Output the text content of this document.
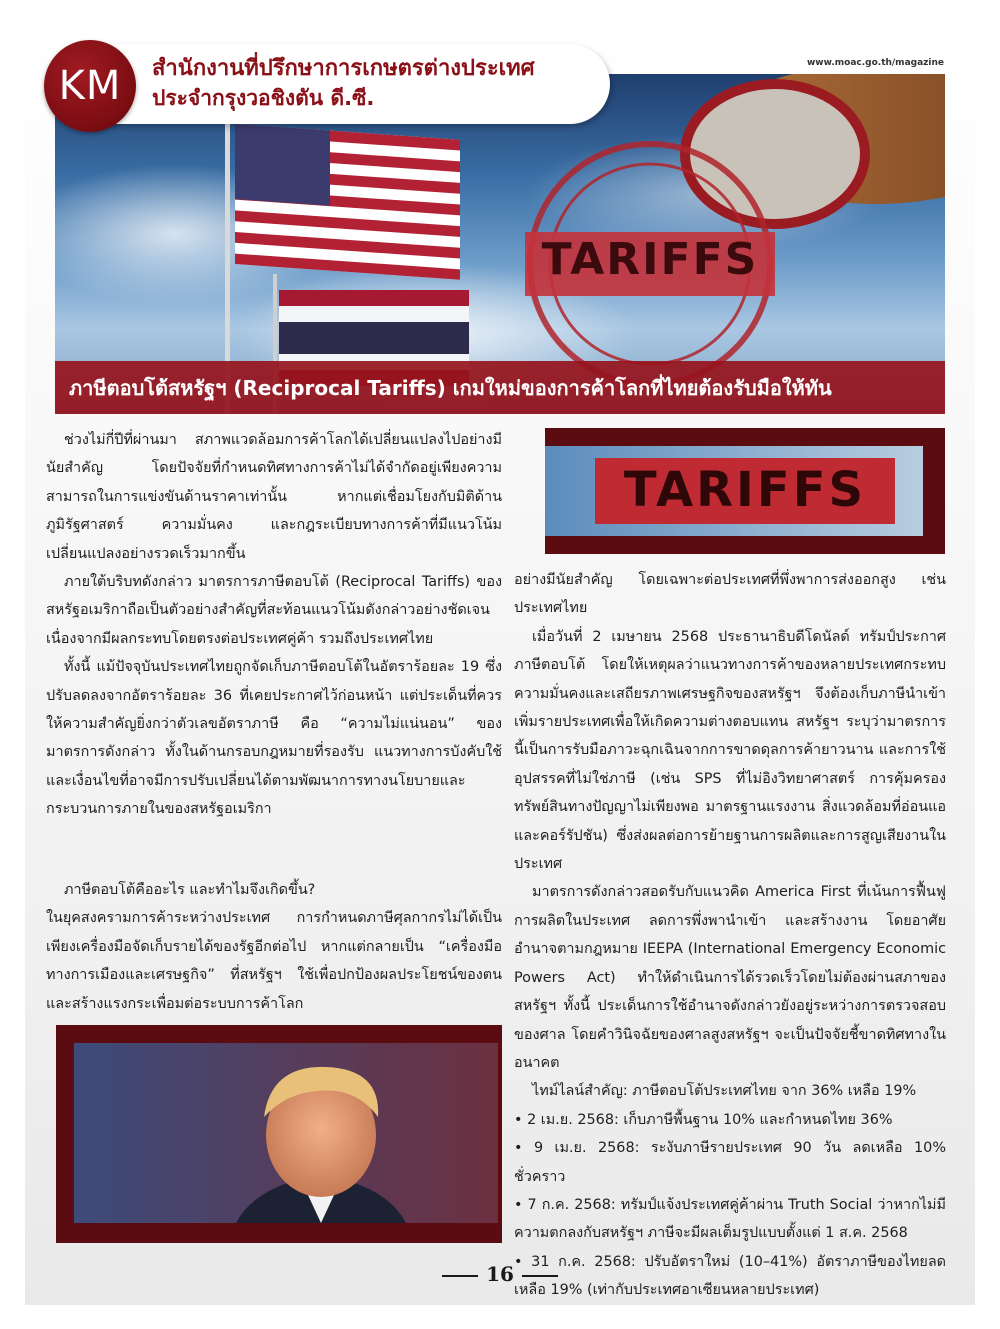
KM สำนักงานที่ปรึกษาการเกษตรต่างประเทศ
ประจำกรุงวอชิงตัน ดี.ซี.
www.moac.go.th/magazine
TARIFFS
ภาษีตอบโต้สหรัฐฯ (Reciprocal Tariffs) เกมใหม่ของการค้าโลกที่ไทยต้องรับมือให้ทัน
TARIFFS

ช่วงไม่กี่ปีที่ผ่านมา สภาพแวดล้อมการค้าโลกได้เปลี่ยนแปลงไปอย่างมีนัยสำคัญ โดยปัจจัยที่กำหนดทิศทางการค้าไม่ได้จำกัดอยู่เพียงความสามารถในการแข่งขันด้านราคาเท่านั้น หากแต่เชื่อมโยงกับมิติด้านภูมิรัฐศาสตร์ ความมั่นคง และกฎระเบียบทางการค้าที่มีแนวโน้มเปลี่ยนแปลงอย่างรวดเร็วมากขึ้น

ภายใต้บริบทดังกล่าว มาตรการภาษีตอบโต้ (Reciprocal Tariffs) ของสหรัฐอเมริกาถือเป็นตัวอย่างสำคัญที่สะท้อนแนวโน้มดังกล่าวอย่างชัดเจน เนื่องจากมีผลกระทบโดยตรงต่อประเทศคู่ค้า รวมถึงประเทศไทย

ทั้งนี้ แม้ปัจจุบันประเทศไทยถูกจัดเก็บภาษีตอบโต้ในอัตราร้อยละ 19 ซึ่งปรับลดลงจากอัตราร้อยละ 36 ที่เคยประกาศไว้ก่อนหน้า แต่ประเด็นที่ควรให้ความสำคัญยิ่งกว่าตัวเลขอัตราภาษี คือ “ความไม่แน่นอน” ของมาตรการดังกล่าว ทั้งในด้านกรอบกฎหมายที่รองรับ แนวทางการบังคับใช้ และเงื่อนไขที่อาจมีการปรับเปลี่ยนได้ตามพัฒนาการทางนโยบายและกระบวนการภายในของสหรัฐอเมริกา

ภาษีตอบโต้คืออะไร และทำไมจึงเกิดขึ้น?

ในยุคสงครามการค้าระหว่างประเทศ การกำหนดภาษีศุลกากรไม่ได้เป็นเพียงเครื่องมือจัดเก็บรายได้ของรัฐอีกต่อไป หากแต่กลายเป็น “เครื่องมือทางการเมืองและเศรษฐกิจ” ที่สหรัฐฯ ใช้เพื่อปกป้องผลประโยชน์ของตน และสร้างแรงกระเพื่อมต่อระบบการค้าโลก

อย่างมีนัยสำคัญ โดยเฉพาะต่อประเทศที่พึ่งพาการส่งออกสูง เช่น ประเทศไทย

เมื่อวันที่ 2 เมษายน 2568 ประธานาธิบดีโดนัลด์ ทรัมป์ประกาศภาษีตอบโต้ โดยให้เหตุผลว่าแนวทางการค้าของหลายประเทศกระทบความมั่นคงและเสถียรภาพเศรษฐกิจของสหรัฐฯ จึงต้องเก็บภาษีนำเข้าเพิ่มรายประเทศเพื่อให้เกิดความต่างตอบแทน สหรัฐฯ ระบุว่ามาตรการนี้เป็นการรับมือภาวะฉุกเฉินจากการขาดดุลการค้ายาวนาน และการใช้อุปสรรคที่ไม่ใช่ภาษี (เช่น SPS ที่ไม่อิงวิทยาศาสตร์ การคุ้มครองทรัพย์สินทางปัญญาไม่เพียงพอ มาตรฐานแรงงาน สิ่งแวดล้อมที่อ่อนแอ และคอร์รัปชัน) ซึ่งส่งผลต่อการย้ายฐานการผลิตและการสูญเสียงานในประเทศ

มาตรการดังกล่าวสอดรับกับแนวคิด America First ที่เน้นการฟื้นฟูการผลิตในประเทศ ลดการพึ่งพานำเข้า และสร้างงาน โดยอาศัยอำนาจตามกฎหมาย IEEPA (International Emergency Economic Powers Act) ทำให้ดำเนินการได้รวดเร็วโดยไม่ต้องผ่านสภาของสหรัฐฯ ทั้งนี้ ประเด็นการใช้อำนาจดังกล่าวยังอยู่ระหว่างการตรวจสอบของศาล โดยคำวินิจฉัยของศาลสูงสหรัฐฯ จะเป็นปัจจัยชี้ขาดทิศทางในอนาคต

ไทม์ไลน์สำคัญ: ภาษีตอบโต้ประเทศไทย จาก 36% เหลือ 19%

• 2 เม.ย. 2568: เก็บภาษีพื้นฐาน 10% และกำหนดไทย 36%

• 9 เม.ย. 2568: ระงับภาษีรายประเทศ 90 วัน ลดเหลือ 10% ชั่วคราว

• 7 ก.ค. 2568: ทรัมป์แจ้งประเทศคู่ค้าผ่าน Truth Social ว่าหากไม่มีความตกลงกับสหรัฐฯ ภาษีจะมีผลเต็มรูปแบบตั้งแต่ 1 ส.ค. 2568

• 31 ก.ค. 2568: ปรับอัตราใหม่ (10–41%) อัตราภาษีของไทยลดเหลือ 19% (เท่ากับประเทศอาเซียนหลายประเทศ)

16
